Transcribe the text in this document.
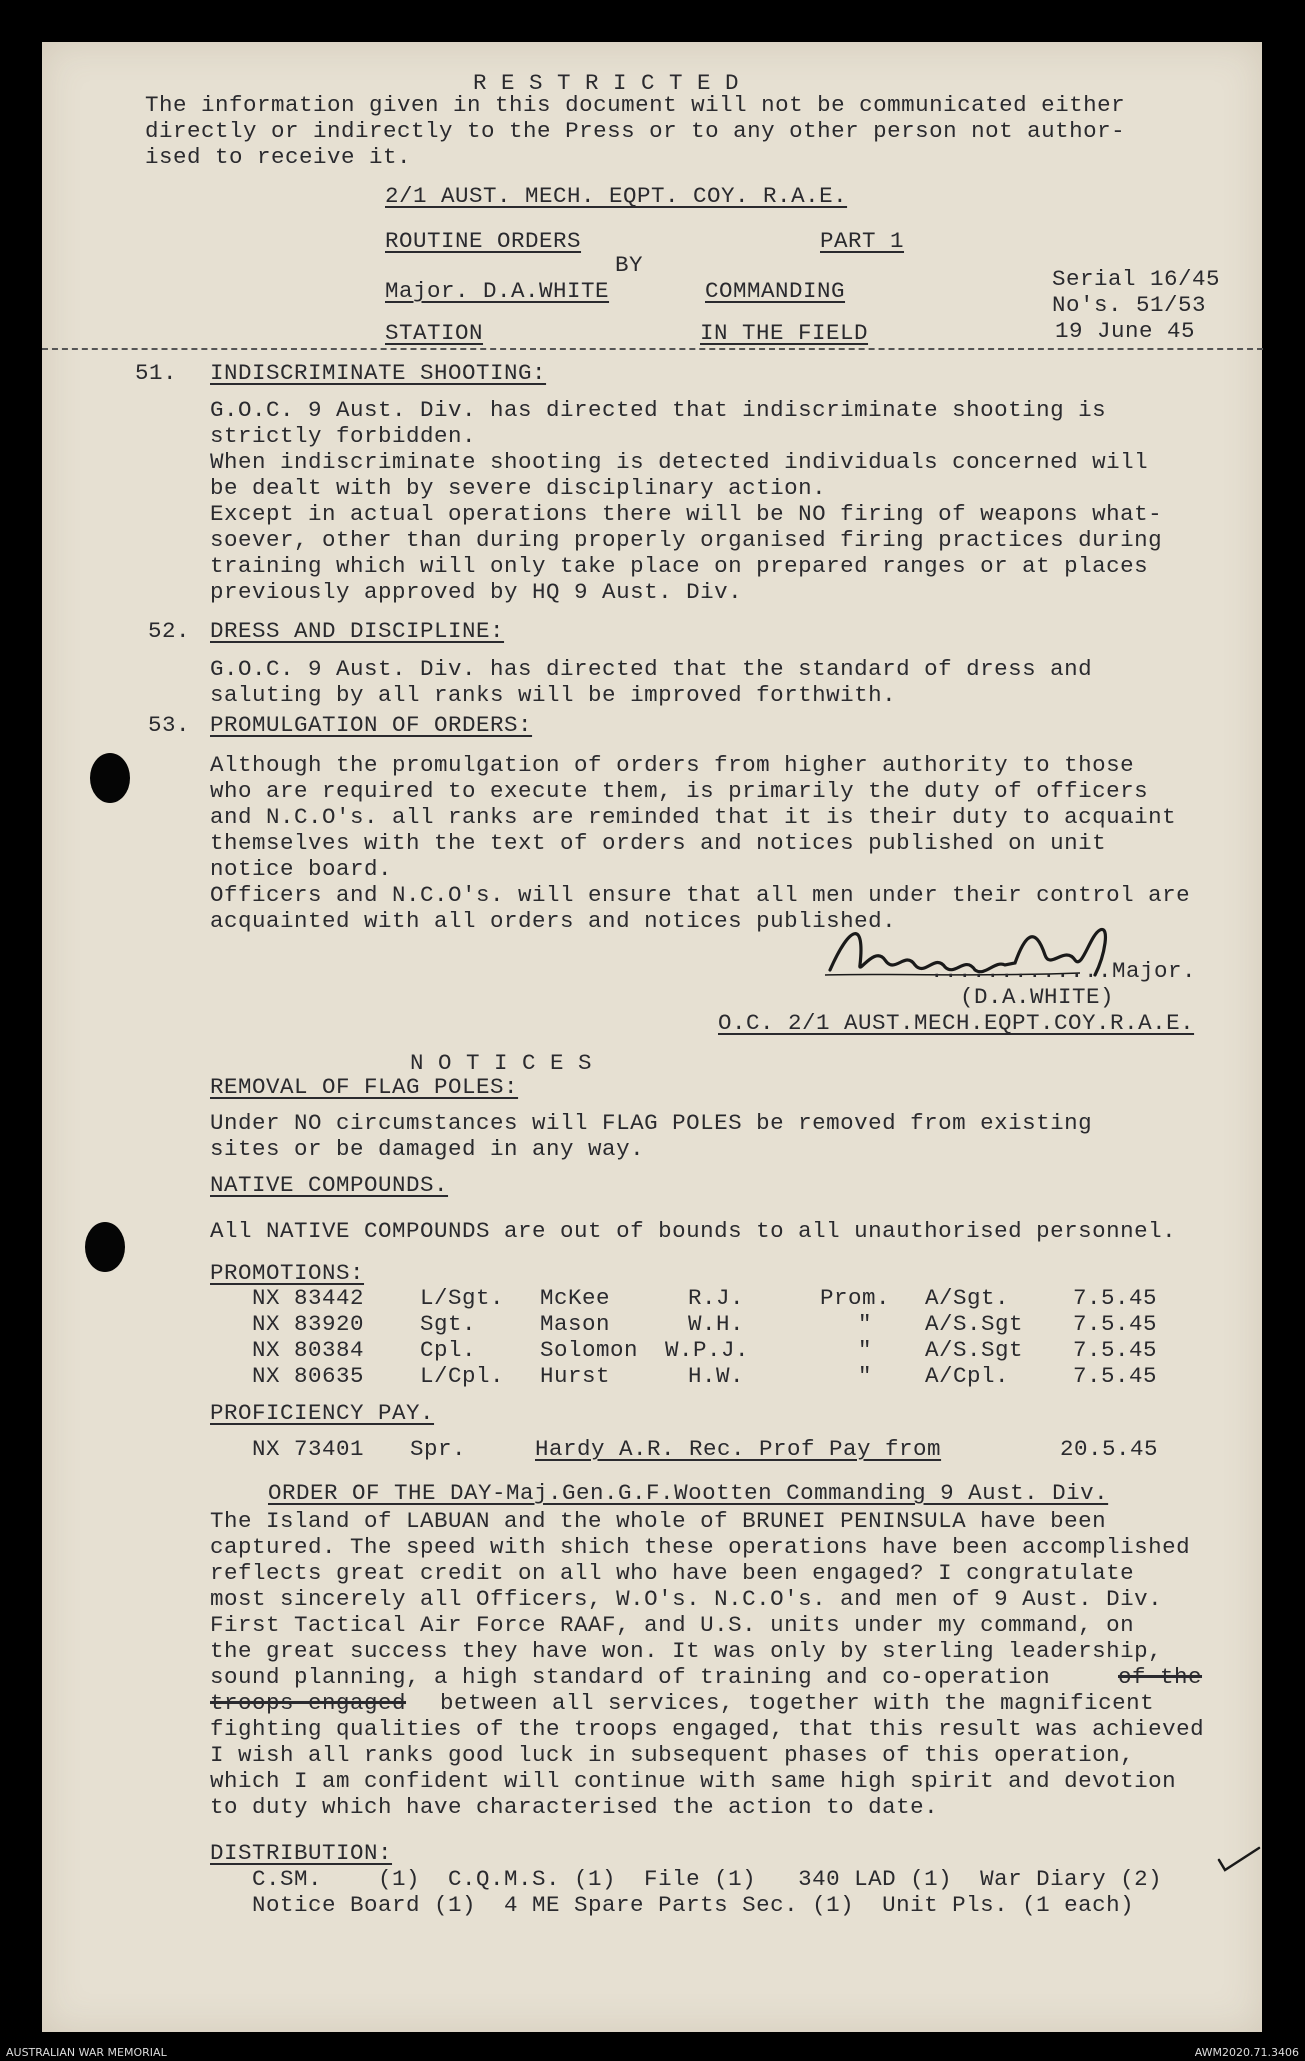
R E S T R I C T E D
The information given in this document will not be communicated either
directly or indirectly to the Press or to any other person not author-
ised to receive it.
2/1 AUST. MECH. EQPT. COY. R.A.E.
ROUTINE ORDERS	PART 1
BY
Major. D.A.WHITE	COMMANDING	Serial 16/45
No's. 51/53
19 June 45
STATION	IN THE FIELD
51. INDISCRIMINATE SHOOTING:
G.O.C. 9 Aust. Div. has directed that indiscriminate shooting is
strictly forbidden.
When indiscriminate shooting is detected individuals concerned will
be dealt with by severe disciplinary action.
Except in actual operations there will be NO firing of weapons what-
soever, other than during properly organised firing practices during
training which will only take place on prepared ranges or at places
previously approved by HQ 9 Aust. Div.
52. DRESS AND DISCIPLINE:
G.O.C. 9 Aust. Div. has directed that the standard of dress and
saluting by all ranks will be improved forthwith.
53. PROMULGATION OF ORDERS:
Although the promulgation of orders from higher authority to those
who are required to execute them, is primarily the duty of officers
and N.C.O's. all ranks are reminded that it is their duty to acquaint
themselves with the text of orders and notices published on unit
notice board.
Officers and N.C.O's. will ensure that all men under their control are
acquainted with all orders and notices published.
.............Major.
(D.A.WHITE)
O.C. 2/1 AUST.MECH.EQPT.COY.R.A.E.
N O T I C E S
REMOVAL OF FLAG POLES:
Under NO circumstances will FLAG POLES be removed from existing
sites or be damaged in any way.
NATIVE COMPOUNDS.
All NATIVE COMPOUNDS are out of bounds to all unauthorised personnel.
PROMOTIONS:
NX 83442 L/Sgt. McKee	R.J.	Prom. A/Sgt.	7.5.45
NX 83920 Sgt.	Mason	W.H.	" A/S.Sgt 7.5.45
NX 80384 Cpl.	Solomon W.P.J.	" A/S.Sgt 7.5.45
NX 80635 L/Cpl. Hurst	H.W.	" A/Cpl.	7.5.45
PROFICIENCY PAY.
NX 73401 Spr.	Hardy A.R. Rec. Prof Pay from	20.5.45
ORDER OF THE DAY-Maj.Gen.G.F.Wootten Commanding 9 Aust. Div.
The Island of LABUAN and the whole of BRUNEI PENINSULA have been
captured. The speed with shich these operations have been accomplished
reflects great credit on all who have been engaged? I congratulate
most sincerely all Officers, W.O's. N.C.O's. and men of 9 Aust. Div.
First Tactical Air Force RAAF, and U.S. units under my command, on
the great success they have won. It was only by sterling leadership,
sound planning, a high standard of training and co-operation	of the
troops engaged between all services, together with the magnificent
fighting qualities of the troops engaged, that this result was achieved
I wish all ranks good luck in subsequent phases of this operation,
which I am confident will continue with same high spirit and devotion
to duty which have characterised the action to date.
DISTRIBUTION:
C.SM.    (1)  C.Q.M.S. (1)  File (1)   340 LAD (1)  War Diary (2)
Notice Board (1)  4 ME Spare Parts Sec. (1)  Unit Pls. (1 each)
AUSTRALIAN WAR MEMORIAL	AWM2020.71.3406
